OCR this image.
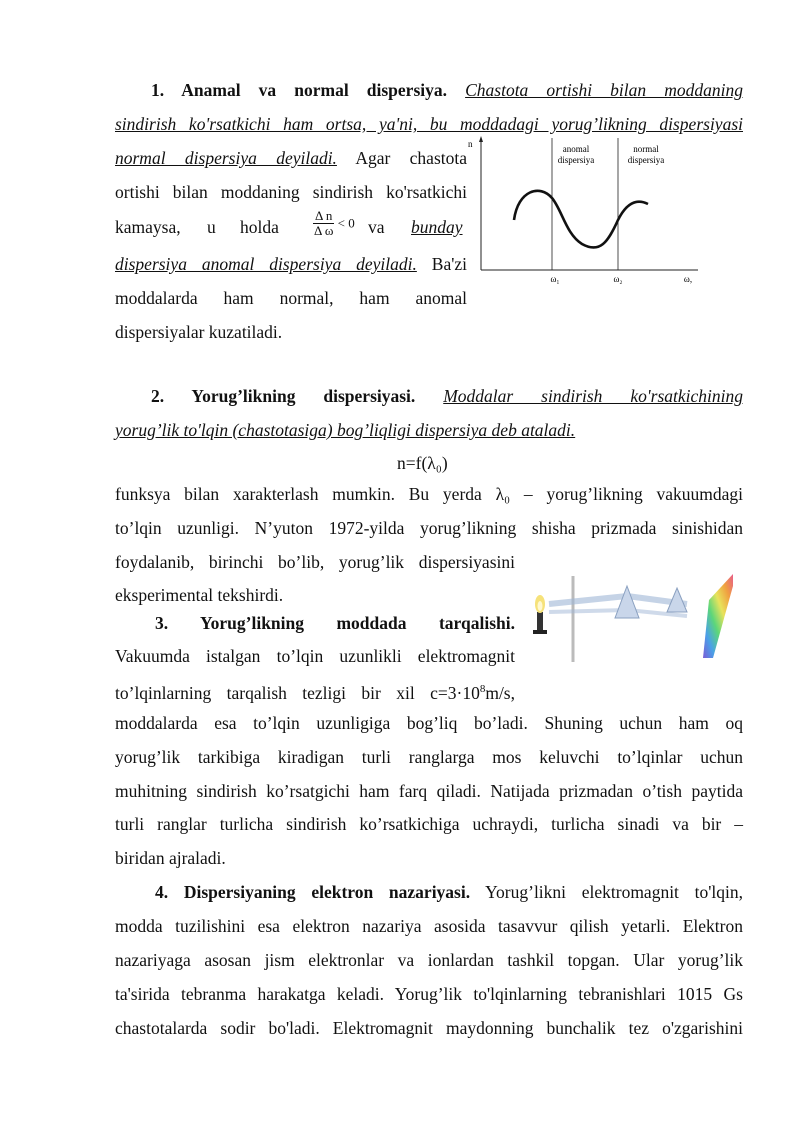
1. Anamal va normal dispersiya. Chastota ortishi bilan moddaning
sindirish ko'rsatkichi ham ortsa, ya'ni, bu moddadagi yorug’likning dispersiyasi
normal dispersiya deyiladi. Agar chastota
ortishi bilan moddaning sindirish ko'rsatkichi
kamaysa, u holda	$\frac{\text{Δ n}}{\text{Δ ω}} < 0$ va bunday
dispersiya anomal dispersiya deyiladi. Ba'zi
moddalarda ham normal, ham anomal
dispersiyalar kuzatiladi.
2. Yorug’likning dispersiyasi. Moddalar sindirish ko'rsatkichining
yorug’lik to'lqin (chastotasiga) bog’liqligi dispersiya deb ataladi.
n=f(λ₀)
funksya bilan xarakterlash mumkin. Bu yerda λ₀ – yorug’likning vakuumdagi
to’lqin uzunligi. N’yuton 1972-yilda yorug’likning shisha prizmada sinishidan
foydalanib, birinchi bo’lib, yorug’lik dispersiyasini
eksperimental tekshirdi.
3. Yorug’likning moddada tarqalishi.
Vakuumda istalgan to’lqin uzunlikli elektromagnit
to’lqinlarning tarqalish tezligi bir xil $c=3\cdot 10^8m/s$,
moddalarda esa to’lqin uzunligiga bog’liq bo’ladi. Shuning uchun ham oq
yorug’lik tarkibiga kiradigan turli ranglarga mos keluvchi to’lqinlar uchun
muhitning sindirish ko’rsatgichi ham farq qiladi. Natijada prizmadan o’tish paytida
turli ranglar turlicha sindirish ko’rsatkichiga uchraydi, turlicha sinadi va bir –
biridan ajraladi.
4. Dispersiyaning elektron nazariyasi. Yorug’likni elektromagnit to'lqin,
modda tuzilishini esa elektron nazariya asosida tasavvur qilish yetarli. Elektron
nazariyaga asosan jism elektronlar va ionlardan tashkil topgan. Ular yorug’lik
ta'sirida tebranma harakatga keladi. Yorug’lik to'lqinlarning tebranishlari 1015 Gs
chastotalarda sodir bo'ladi. Elektromagnit maydonning bunchalik tez o'zgarishini
n	anomal
dispersiya
normal
dispersiya
ω₁	ω₂	ω,
